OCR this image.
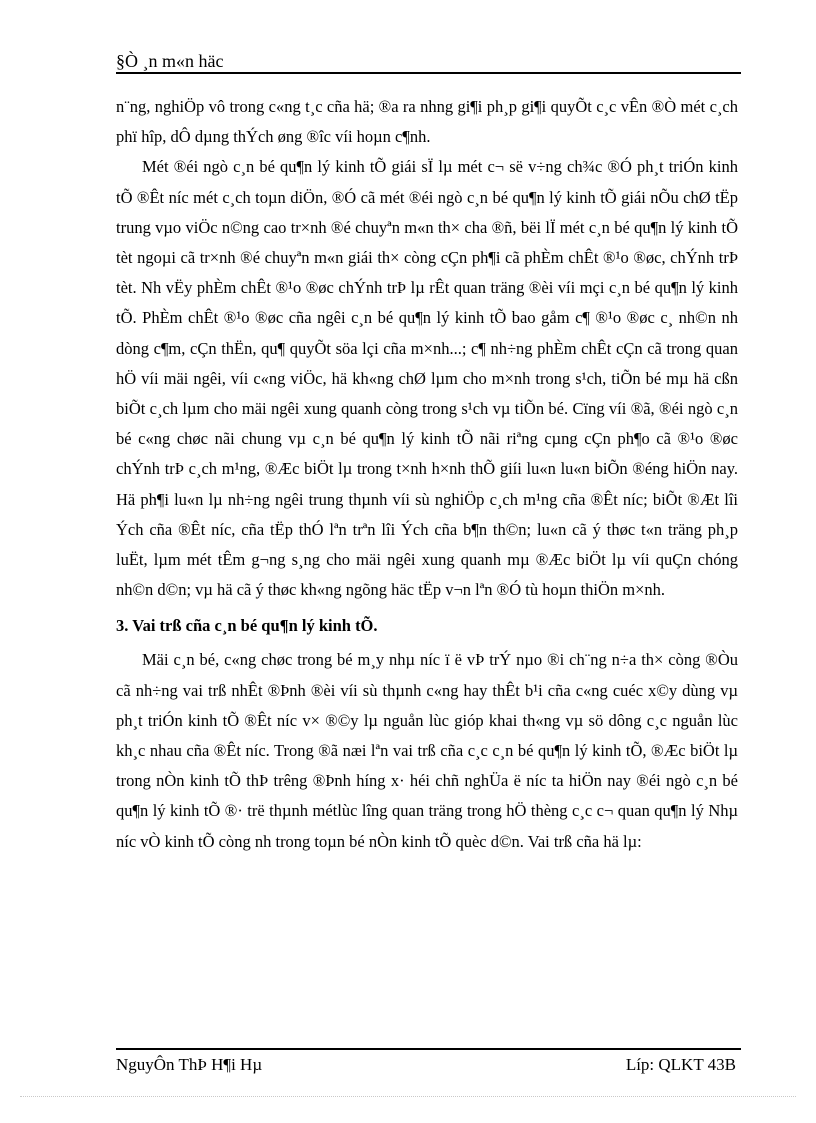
§Ò ¸n m«n häc

n¨ng, nghiÖp vô trong c«ng t¸c cña hä; ®a ra nhng gi¶i ph¸p gi¶i quyÕt c¸c vÊn ®Ò mét c¸ch phï hîp, dÔ dµng thÝch øng ®îc víi hoµn c¶nh.

Mét ®éi ngò c¸n bé qu¶n lý kinh tÕ giái sÏ lµ mét c¬ së v÷ng ch¾c ®Ó ph¸t triÓn kinh tÕ ®Êt níc mét c¸ch toµn diÖn, ®Ó cã mét ®éi ngò c¸n bé qu¶n lý kinh tÕ giái nÕu chØ tËp trung vµo viÖc n©ng cao tr×nh ®é chuyªn m«n th× cha ®ñ, bëi lÏ mét c¸n bé qu¶n lý kinh tÕ tèt ngoµi cã tr×nh ®é chuyªn m«n giái th× còng cÇn ph¶i cã phÈm chÊt ®¹o ®øc, chÝnh trÞ tèt. Nh vËy phÈm chÊt ®¹o ®øc chÝnh trÞ lµ rÊt quan träng ®èi víi mçi c¸n bé qu¶n lý kinh tÕ. PhÈm chÊt ®¹o ®øc cña ngêi c¸n bé qu¶n lý kinh tÕ bao gåm c¶ ®¹o ®øc c¸ nh©n nh dòng c¶m, cÇn thËn, qu¶ quyÕt söa lçi cña m×nh...; c¶ nh÷ng phÈm chÊt cÇn cã trong quan hÖ víi mäi ngêi, víi c«ng viÖc, hä kh«ng chØ lµm cho m×nh trong s¹ch, tiÕn bé mµ hä cßn biÕt c¸ch lµm cho mäi ngêi xung quanh còng trong s¹ch vµ tiÕn bé. Cïng víi ®ã, ®éi ngò c¸n bé c«ng chøc nãi chung vµ c¸n bé qu¶n lý kinh tÕ nãi riªng cµng cÇn ph¶o cã ®¹o ®øc chÝnh trÞ c¸ch m¹ng, ®Æc biÖt lµ trong t×nh h×nh thÕ giíi lu«n lu«n biÕn ®éng hiÖn nay. Hä ph¶i lu«n lµ nh÷ng ngêi trung thµnh víi sù nghiÖp c¸ch m¹ng cña ®Êt níc; biÕt ®Æt lîi Ých cña ®Êt níc, cña tËp thÓ lªn trªn lîi Ých cña b¶n th©n; lu«n cã ý thøc t«n träng ph¸p luËt, lµm mét tÊm g¬ng s¸ng cho mäi ngêi xung quanh mµ ®Æc biÖt lµ víi quÇn chóng nh©n d©n; vµ hä cã ý thøc kh«ng ngõng häc tËp v¬n lªn ®Ó tù hoµn thiÖn m×nh.

3. Vai trß cña c¸n bé qu¶n lý kinh tÕ.

Mäi c¸n bé, c«ng chøc trong bé m¸y nhµ níc ï ë vÞ trÝ nµo ®i ch¨ng n÷a th× còng ®Òu cã nh÷ng vai trß nhÊt ®Þnh ®èi víi sù thµnh c«ng hay thÊt b¹i cña c«ng cuéc x©y dùng vµ ph¸t triÓn kinh tÕ ®Êt níc v× ®©y lµ nguån lùc gióp khai th«ng vµ sö dông c¸c nguån lùc kh¸c nhau cña ®Êt níc. Trong ®ã næi lªn vai trß cña c¸c c¸n bé qu¶n lý kinh tÕ, ®Æc biÖt lµ trong nÒn kinh tÕ thÞ trêng ®Þnh híng x· héi chñ nghÜa ë níc ta hiÖn nay ®éi ngò c¸n bé qu¶n lý kinh tÕ ®· trë thµnh métlùc lîng quan träng trong hÖ thèng c¸c c¬ quan qu¶n lý Nhµ níc vÒ kinh tÕ còng nh trong toµn bé nÒn kinh tÕ quèc d©n. Vai trß cña hä lµ:

NguyÔn ThÞ H¶i Hµ	Líp: QLKT 43B
